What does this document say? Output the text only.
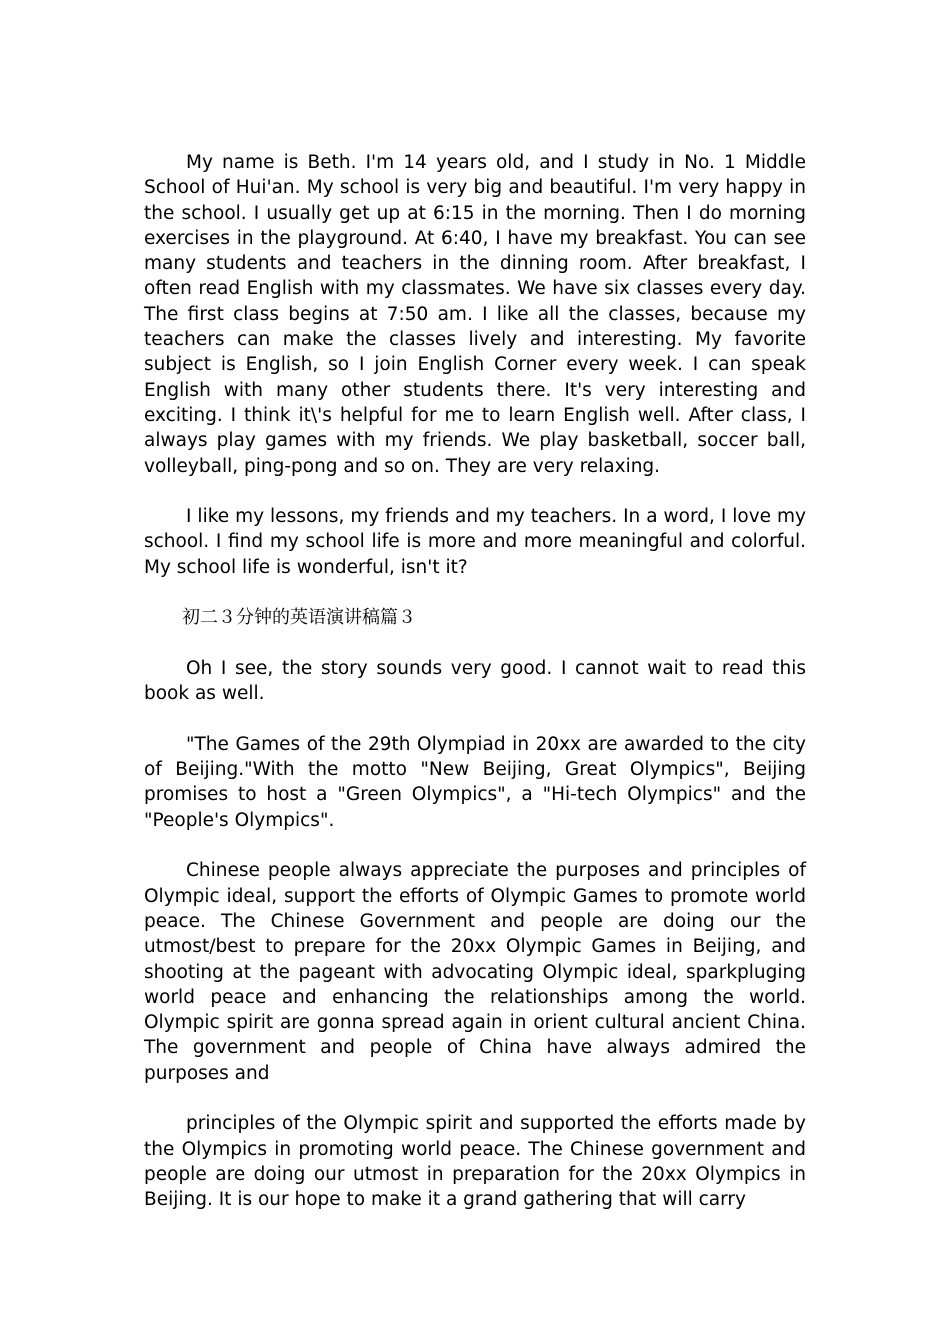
My name is Beth. I'm 14 years old, and I study in No. 1 Middle School of Hui'an. My school is very big and beautiful. I'm very happy in the school. I usually get up at 6:15 in the morning. Then I do morning exercises in the playground. At 6:40, I have my breakfast. You can see many students and teachers in the dinning room. After breakfast, I often read English with my classmates. We have six classes every day. The first class begins at 7:50 am. I like all the classes, because my teachers can make the classes lively and interesting. My favorite subject is English, so I join English Corner every week. I can speak English with many other students there. It's very interesting and exciting. I think it\'s helpful for me to learn English well. After class, I always play games with my friends. We play basketball, soccer ball, volleyball, ping-pong and so on. They are very relaxing.

I like my lessons, my friends and my teachers. In a word, I love my school. I find my school life is more and more meaningful and colorful. My school life is wonderful, isn't it?

初二３分钟的英语演讲稿篇３

Oh I see, the story sounds very good. I cannot wait to read this book as well.

"The Games of the 29th Olympiad in 20xx are awarded to the city of Beijing."With the motto "New Beijing, Great Olympics", Beijing promises to host a "Green Olympics", a "Hi-tech Olympics" and the "People's Olympics".

Chinese people always appreciate the purposes and principles of Olympic ideal, support the efforts of Olympic Games to promote world peace. The Chinese Government and people are doing our the utmost/best to prepare for the 20xx Olympic Games in Beijing, and shooting at the pageant with advocating Olympic ideal, sparkpluging world peace and enhancing the relationships among the world. Olympic spirit are gonna spread again in orient cultural ancient China. The government and people of China have always admired the purposes and

principles of the Olympic spirit and supported the efforts made by the Olympics in promoting world peace. The Chinese government and people are doing our utmost in preparation for the 20xx Olympics in Beijing. It is our hope to make it a grand gathering that will carry
